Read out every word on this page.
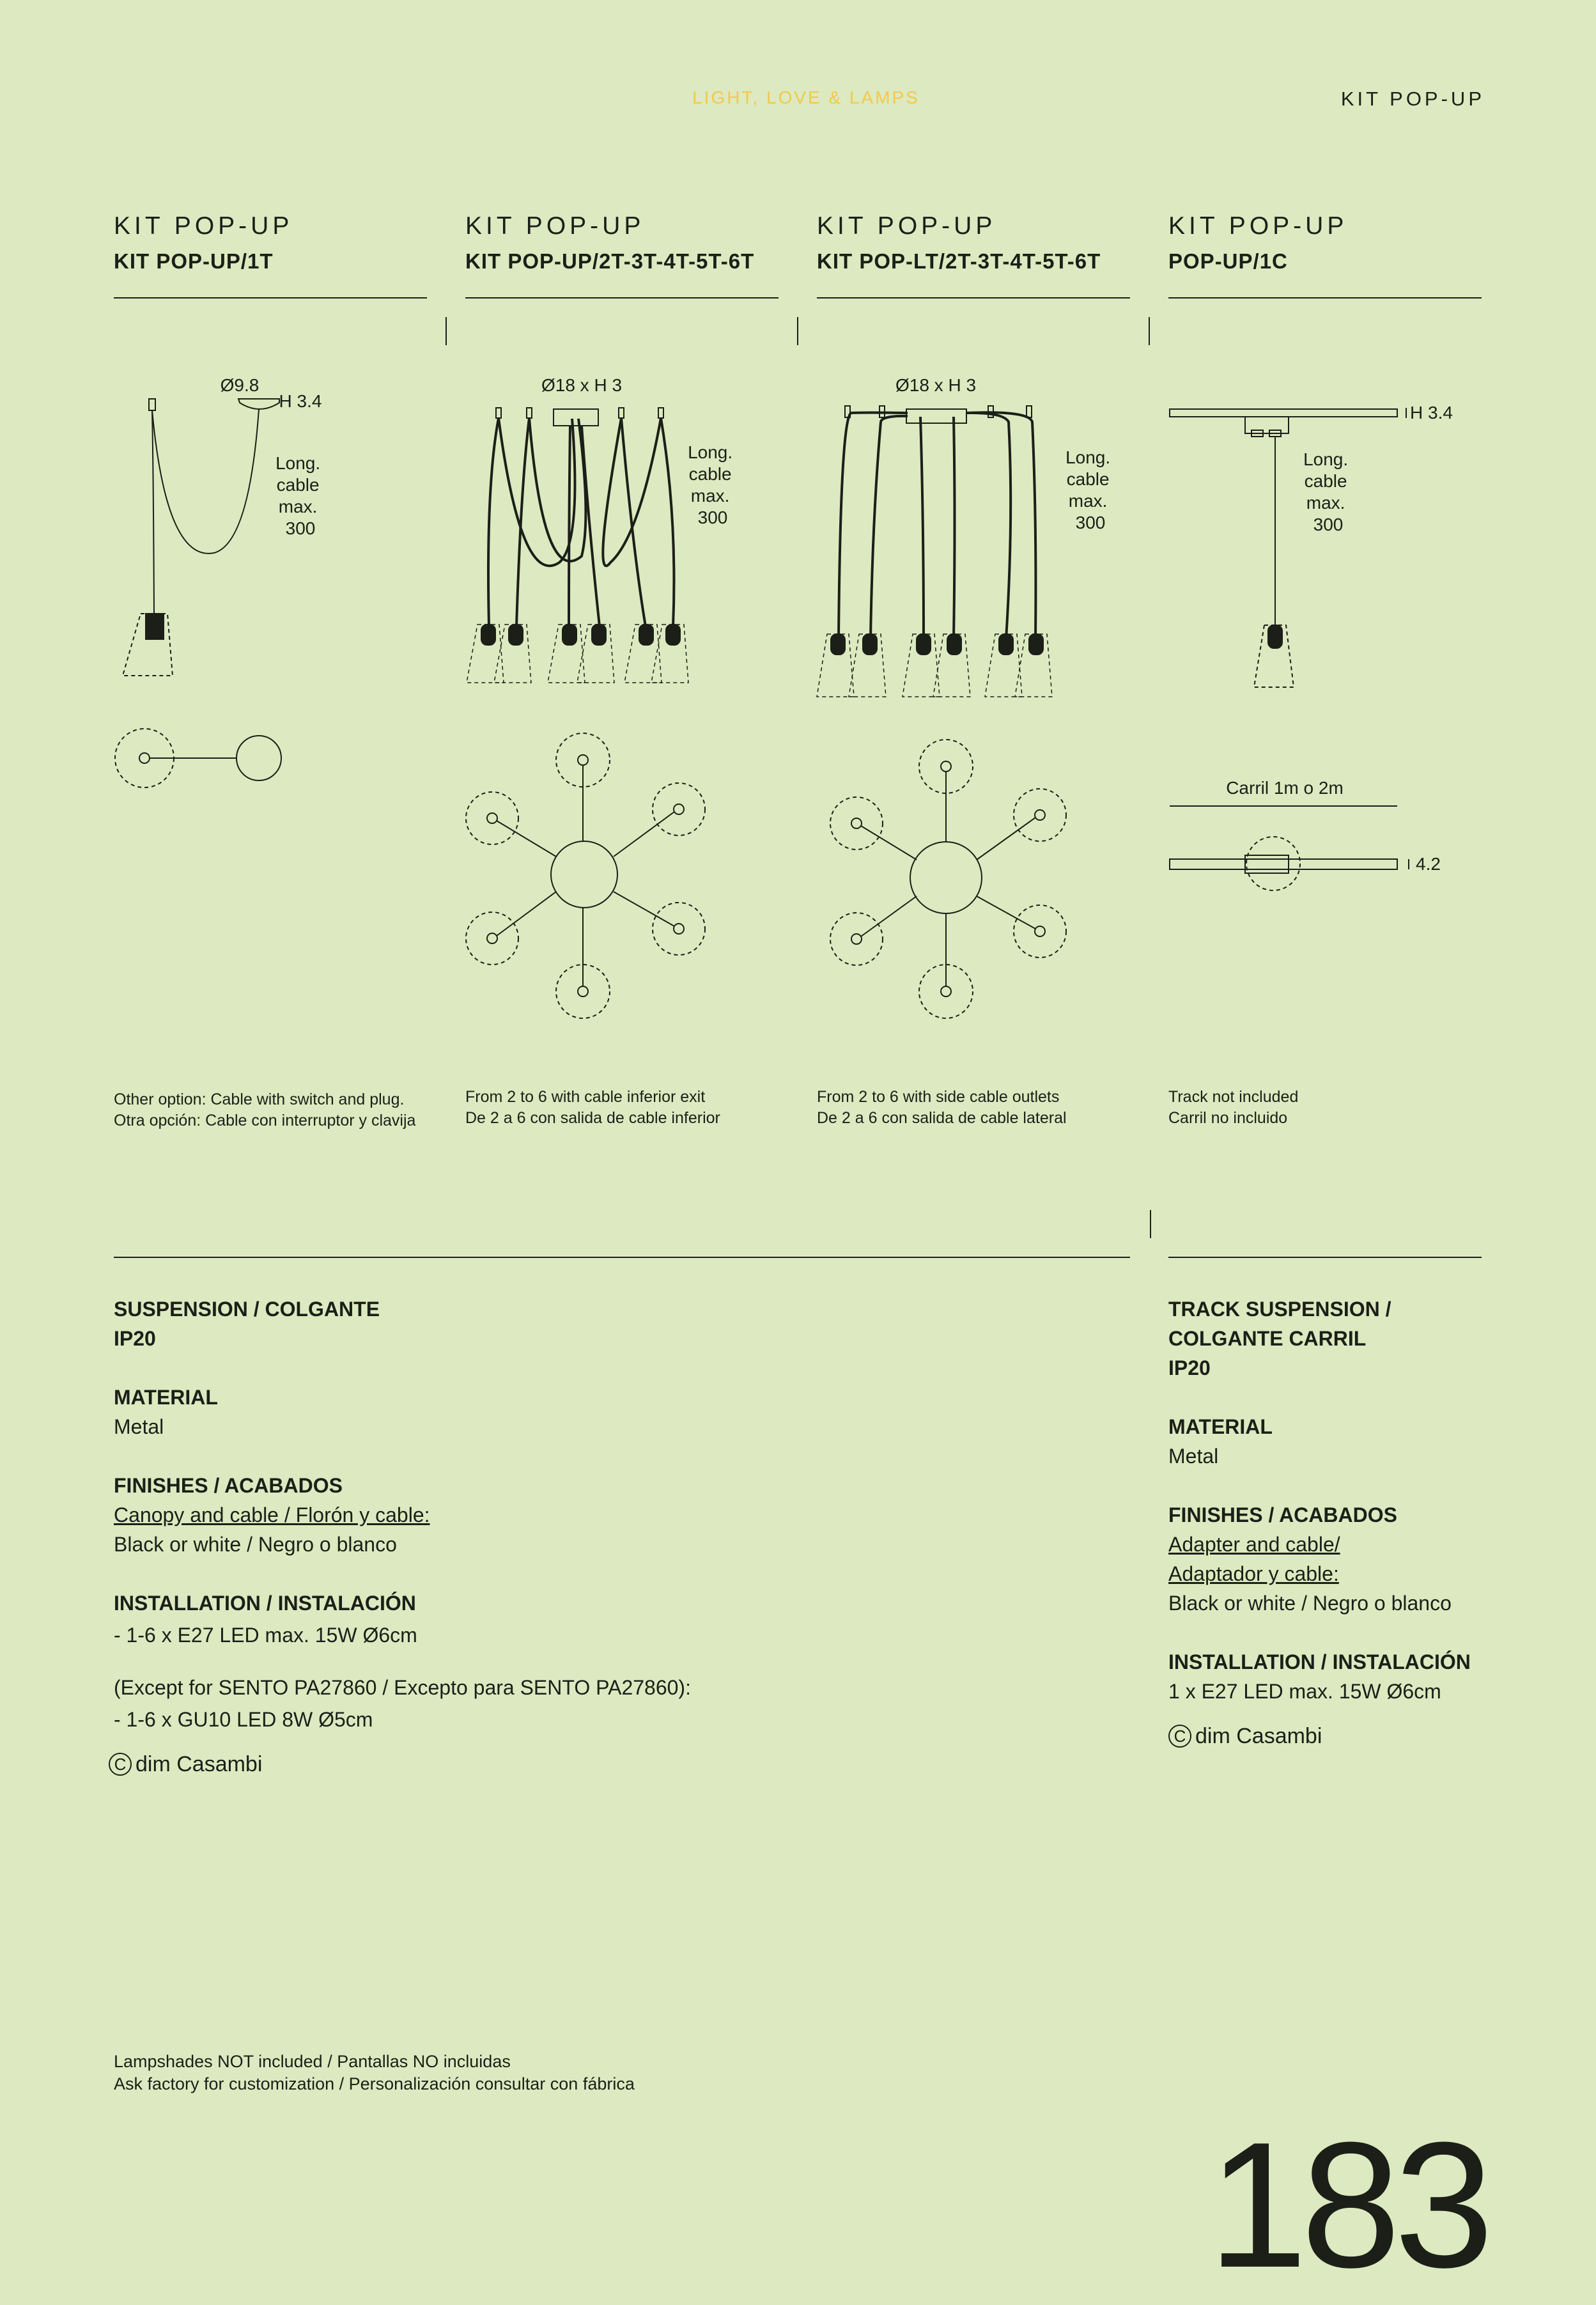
LIGHT, LOVE & LAMPS	KIT POP-UP
KIT POP-UP
KIT POP-UP/1T
KIT POP-UP
KIT POP-UP/2T-3T-4T-5T-6T
KIT POP-UP
KIT POP-LT/2T-3T-4T-5T-6T
KIT POP-UP
POP-UP/1C
Ø9.8
H 3.4
Long. cable max. 300
Ø18 x H 3
Long. cable max. 300
Ø18 x H 3
Long. cable max. 300
H 3.4
Long. cable max. 300
Carril 1m o 2m
4.2
Other option: Cable with switch and plug.
Otra opción: Cable con interruptor y clavija
From 2 to 6 with cable inferior exit
De 2 a 6 con salida de cable inferior
From 2 to 6 with side cable outlets
De 2 a 6 con salida de cable lateral
Track not included
Carril no incluido
SUSPENSION / COLGANTE
IP20
MATERIAL
Metal
FINISHES / ACABADOS
Canopy and cable / Florón y cable:
Black or white / Negro o blanco
INSTALLATION / INSTALACIÓN
- 1-6 x E27 LED max. 15W Ø6cm
(Except for SENTO PA27860 / Excepto para SENTO PA27860):
- 1-6 x GU10 LED 8W Ø5cm
C dim Casambi
TRACK SUSPENSION /
COLGANTE CARRIL
IP20
MATERIAL
Metal
FINISHES / ACABADOS
Adapter and cable/
Adaptador y cable:
Black or white / Negro o blanco
INSTALLATION / INSTALACIÓN
1 x E27 LED max. 15W Ø6cm
C dim Casambi
Lampshades NOT included / Pantallas NO incluidas
Ask factory for customization / Personalización consultar con fábrica
183
